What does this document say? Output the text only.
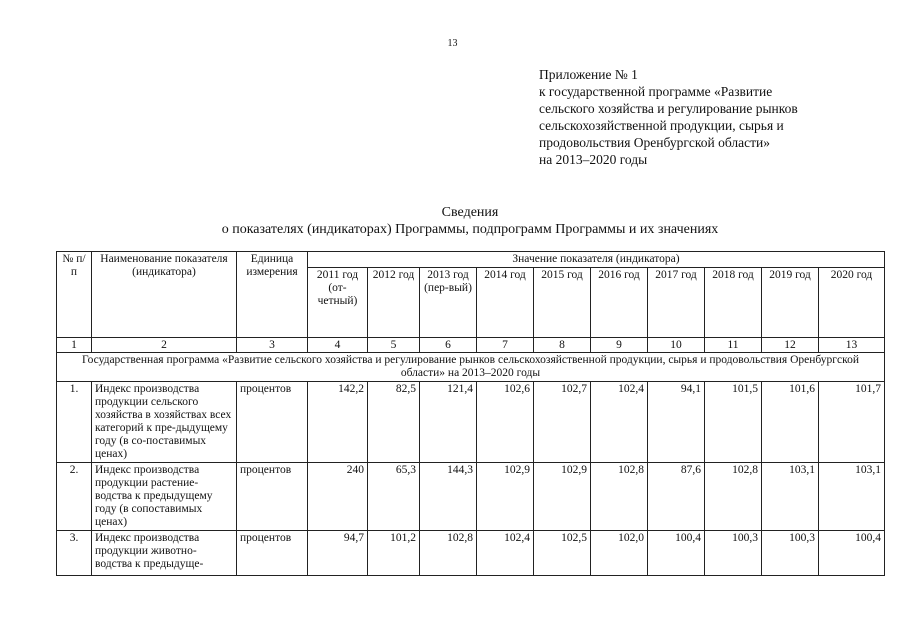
13
Приложение № 1
к государственной программе «Развитие
сельского хозяйства и регулирование рынков
сельскохозяйственной продукции, сырья и
продовольствия Оренбургской области»
на 2013–2020 годы
Сведения
о показателях (индикаторах) Программы, подпрограмм Программы и их значениях
№ п/п	Наименование показателя (индикатора)	Единица измерения	Значение показателя (индикатора)									
			2011 год (от-четный)	2012 год	2013 год (пер-вый)	2014 год	2015 год	2016 год	2017 год	2018 год	2019 год	2020 год
1	2	3	4	5	6	7	8	9	10	11	12	13
Государственная программа «Развитие сельского хозяйства и регулирование рынков сельскохозяйственной продукции, сырья и продовольствия Оренбургской области» на 2013–2020 годы												
1.	Индекс производства продукции сельского хозяйства в хозяйствах всех категорий к пре-дыдущему году (в со-поставимых ценах)	процентов	142,2	82,5	121,4	102,6	102,7	102,4	94,1	101,5	101,6	101,7
2.	Индекс производства продукции растение-водства к предыдущему году (в сопоставимых ценах)	процентов	240	65,3	144,3	102,9	102,9	102,8	87,6	102,8	103,1	103,1
3.	Индекс производства продукции животно-водства к предыдуще-	процентов	94,7	101,2	102,8	102,4	102,5	102,0	100,4	100,3	100,3	100,4
